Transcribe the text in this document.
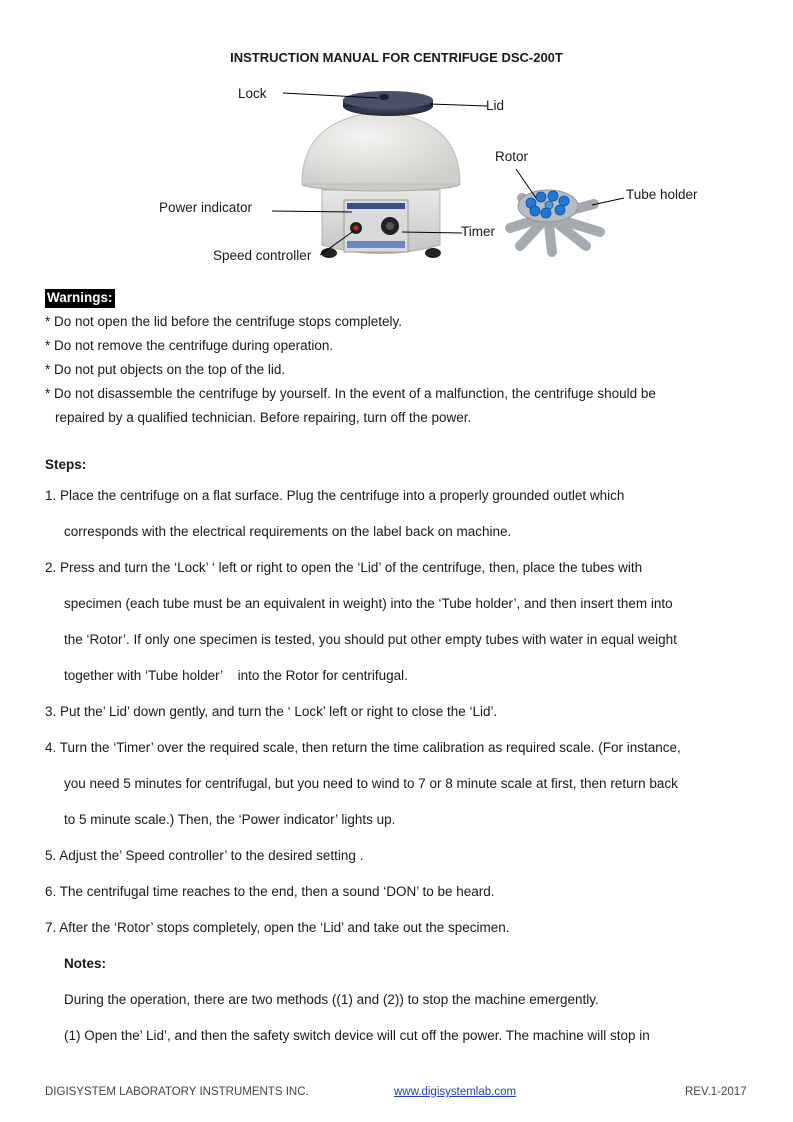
INSTRUCTION MANUAL FOR CENTRIFUGE DSC-200T
Lock
Lid
Rotor
Tube holder
Power indicator
Timer
Speed controller
Warnings:
* Do not open the lid before the centrifuge stops completely.
* Do not remove the centrifuge during operation.
* Do not put objects on the top of the lid.
* Do not disassemble the centrifuge by yourself. In the event of a malfunction, the centrifuge should be
repaired by a qualified technician. Before repairing, turn off the power.
Steps:
1. Place the centrifuge on a flat surface. Plug the centrifuge into a properly grounded outlet which
corresponds with the electrical requirements on the label back on machine.
2. Press and turn the ‘Lock’ ‘ left or right to open the ‘Lid’ of the centrifuge, then, place the tubes with
specimen (each tube must be an equivalent in weight) into the ‘Tube holder’, and then insert them into
the ‘Rotor’. If only one specimen is tested, you should put other empty tubes with water in equal weight
together with ‘Tube holder’    into the Rotor for centrifugal.
3. Put the’ Lid’ down gently, and turn the ‘ Lock’ left or right to close the ‘Lid’.
4. Turn the ‘Timer’ over the required scale, then return the time calibration as required scale. (For instance,
you need 5 minutes for centrifugal, but you need to wind to 7 or 8 minute scale at first, then return back
to 5 minute scale.) Then, the ‘Power indicator’ lights up.
5. Adjust the’ Speed controller’ to the desired setting .
6. The centrifugal time reaches to the end, then a sound ‘DON’ to be heard.
7. After the ‘Rotor’ stops completely, open the ‘Lid’ and take out the specimen.
Notes:
During the operation, there are two methods ((1) and (2)) to stop the machine emergently.
(1) Open the’ Lid’, and then the safety switch device will cut off the power. The machine will stop in
DIGISYSTEM LABORATORY INSTRUMENTS INC.	www.digisystemlab.com	REV.1-2017
